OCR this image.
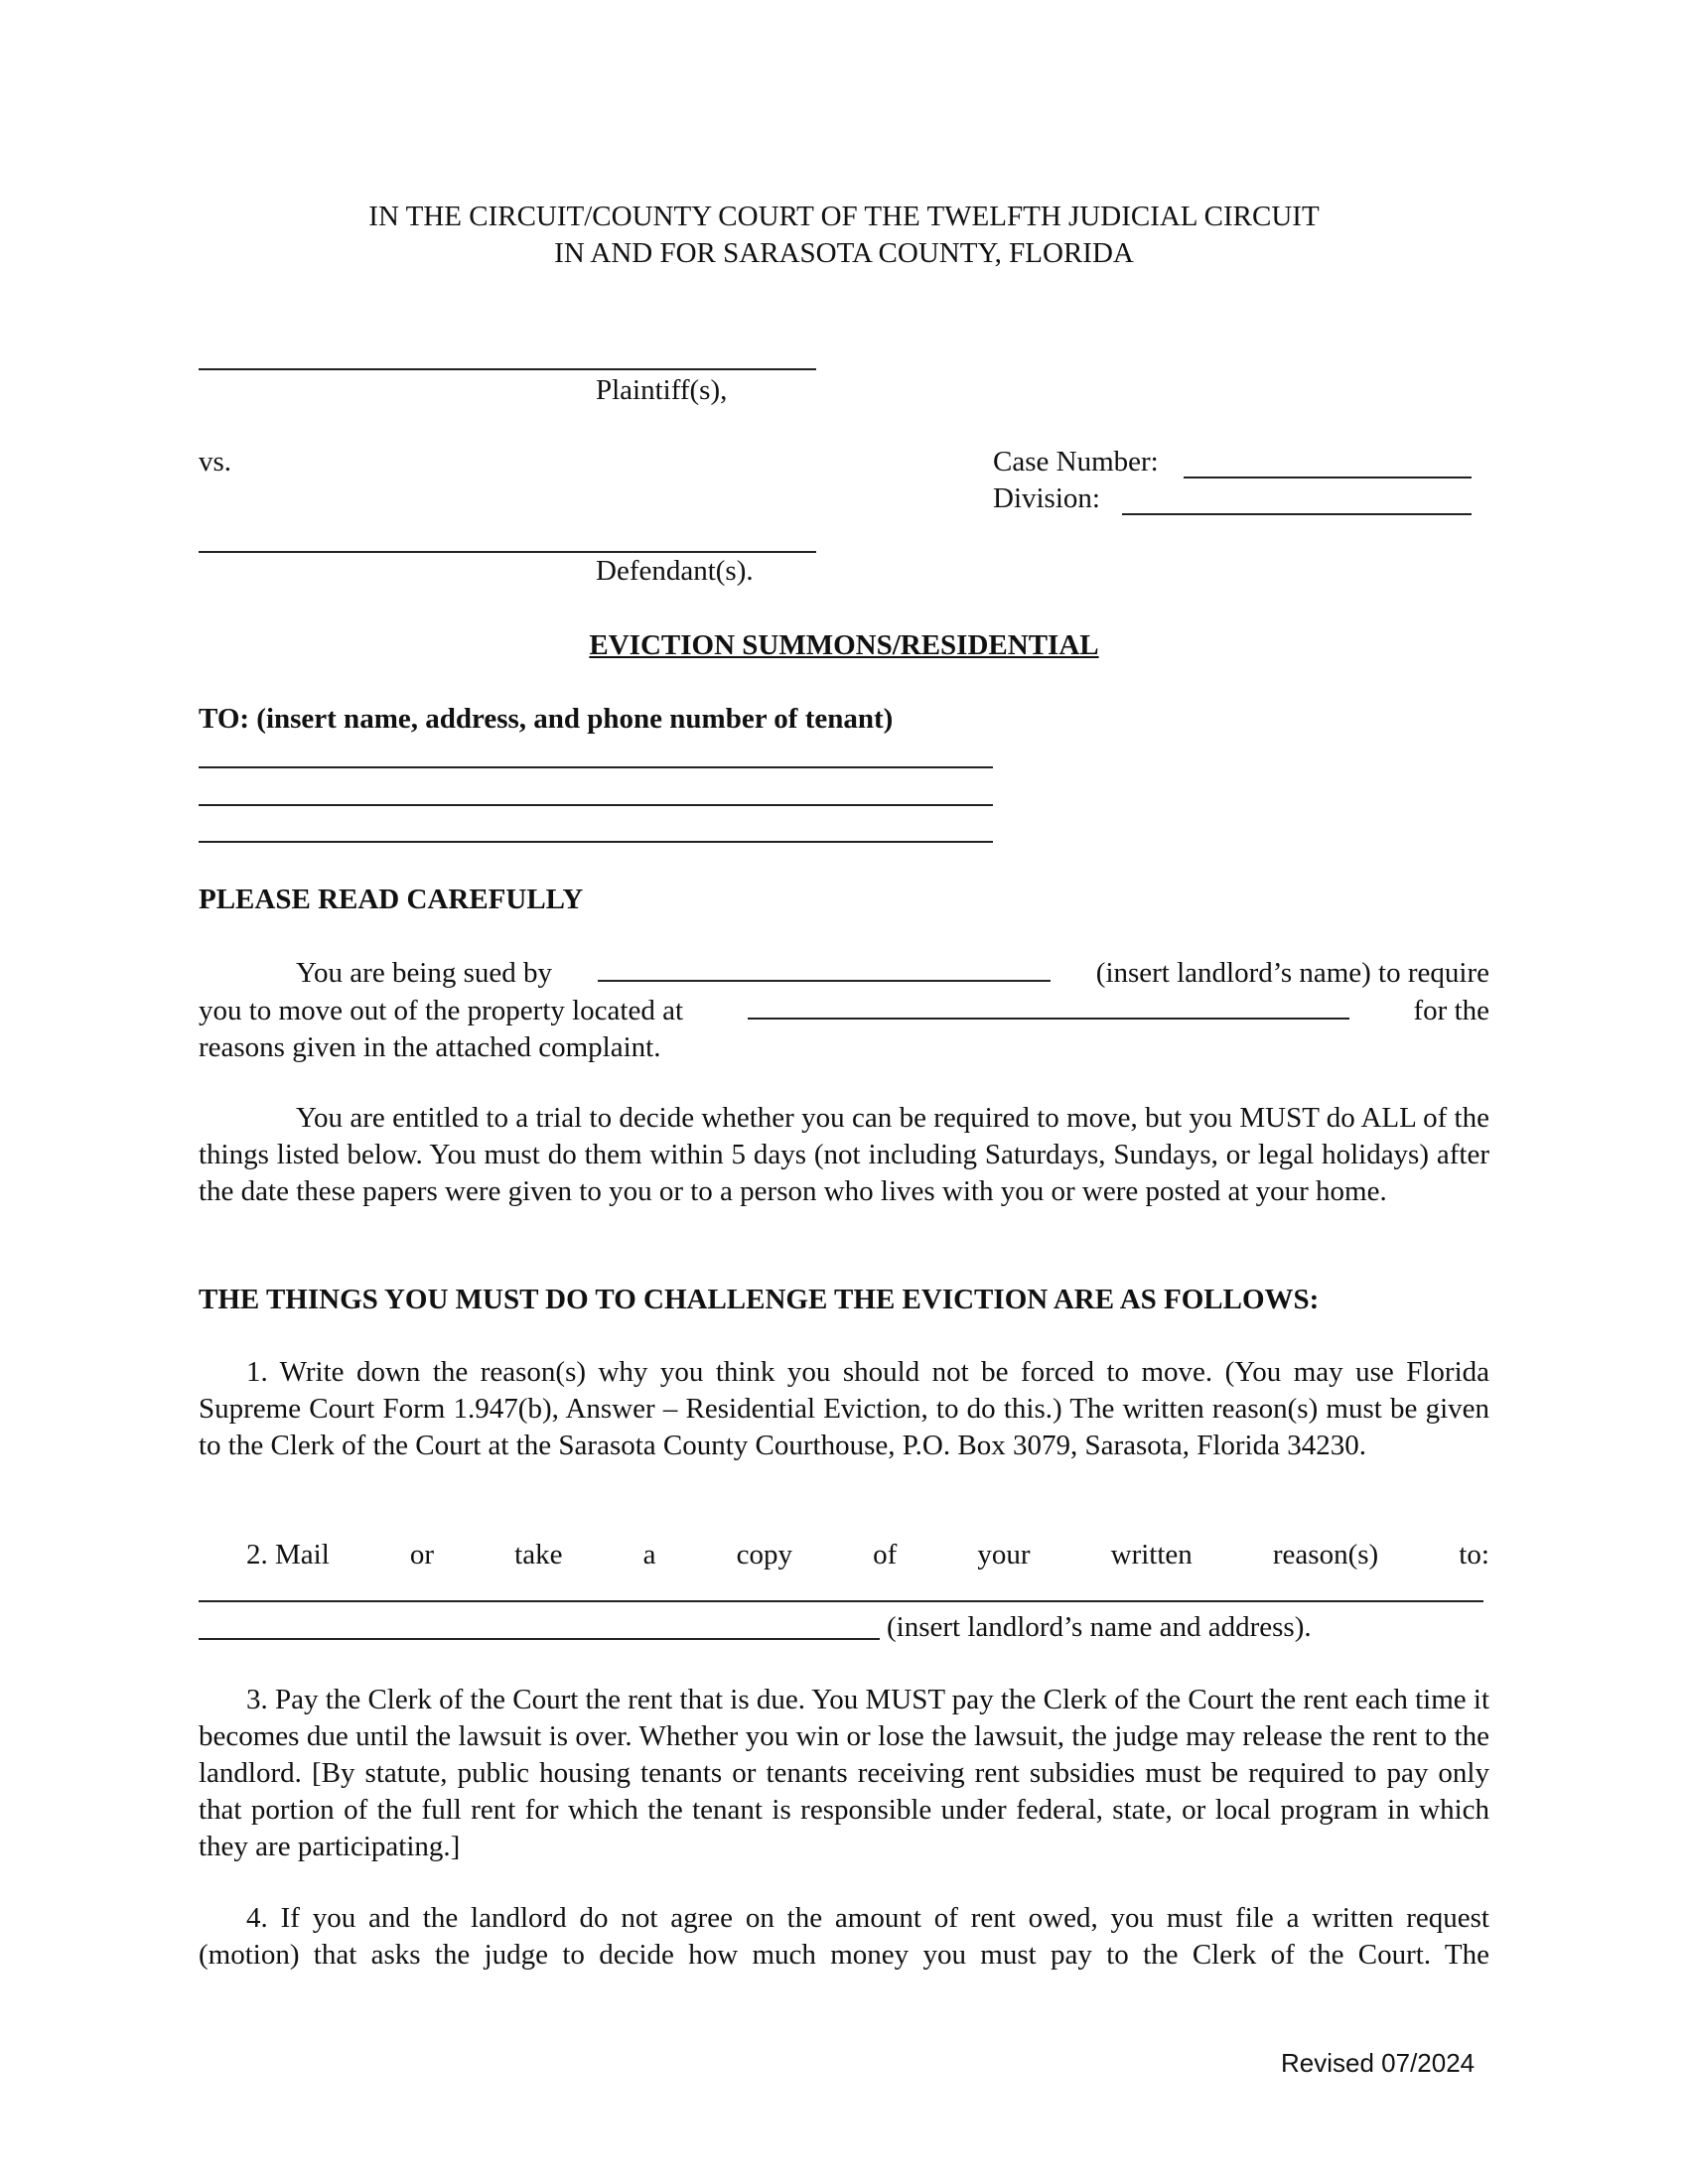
IN THE CIRCUIT/COUNTY COURT OF THE TWELFTH JUDICIAL CIRCUIT
IN AND FOR SARASOTA COUNTY, FLORIDA
Plaintiff(s),
vs.	Case Number:
Division:
Defendant(s).
EVICTION SUMMONS/RESIDENTIAL
TO: (insert name, address, and phone number of tenant)
PLEASE READ CAREFULLY
You are being sued by	(insert landlord’s name) to require
you to move out of the property located at	for the
reasons given in the attached complaint.
You are entitled to a trial to decide whether you can be required to move, but you MUST do ALL of the things listed below. You must do them within 5 days (not including Saturdays, Sundays, or legal holidays) after the date these papers were given to you or to a person who lives with you or were posted at your home.
THE THINGS YOU MUST DO TO CHALLENGE THE EVICTION ARE AS FOLLOWS:
1. Write down the reason(s) why you think you should not be forced to move. (You may use Florida Supreme Court Form 1.947(b), Answer – Residential Eviction, to do this.) The written reason(s) must be given to the Clerk of the Court at the Sarasota County Courthouse, P.O. Box 3079, Sarasota, Florida 34230.
2. Mail	or	take	a	copy	of	your	written	reason(s)	to:
(insert landlord’s name and address).
3. Pay the Clerk of the Court the rent that is due. You MUST pay the Clerk of the Court the rent each time it becomes due until the lawsuit is over. Whether you win or lose the lawsuit, the judge may release the rent to the landlord. [By statute, public housing tenants or tenants receiving rent subsidies must be required to pay only that portion of the full rent for which the tenant is responsible under federal, state, or local program in which they are participating.]
4. If you and the landlord do not agree on the amount of rent owed, you must file a written request
(motion) that asks the judge to decide how much money you must pay to the Clerk of the Court. The
Revised 07/2024
